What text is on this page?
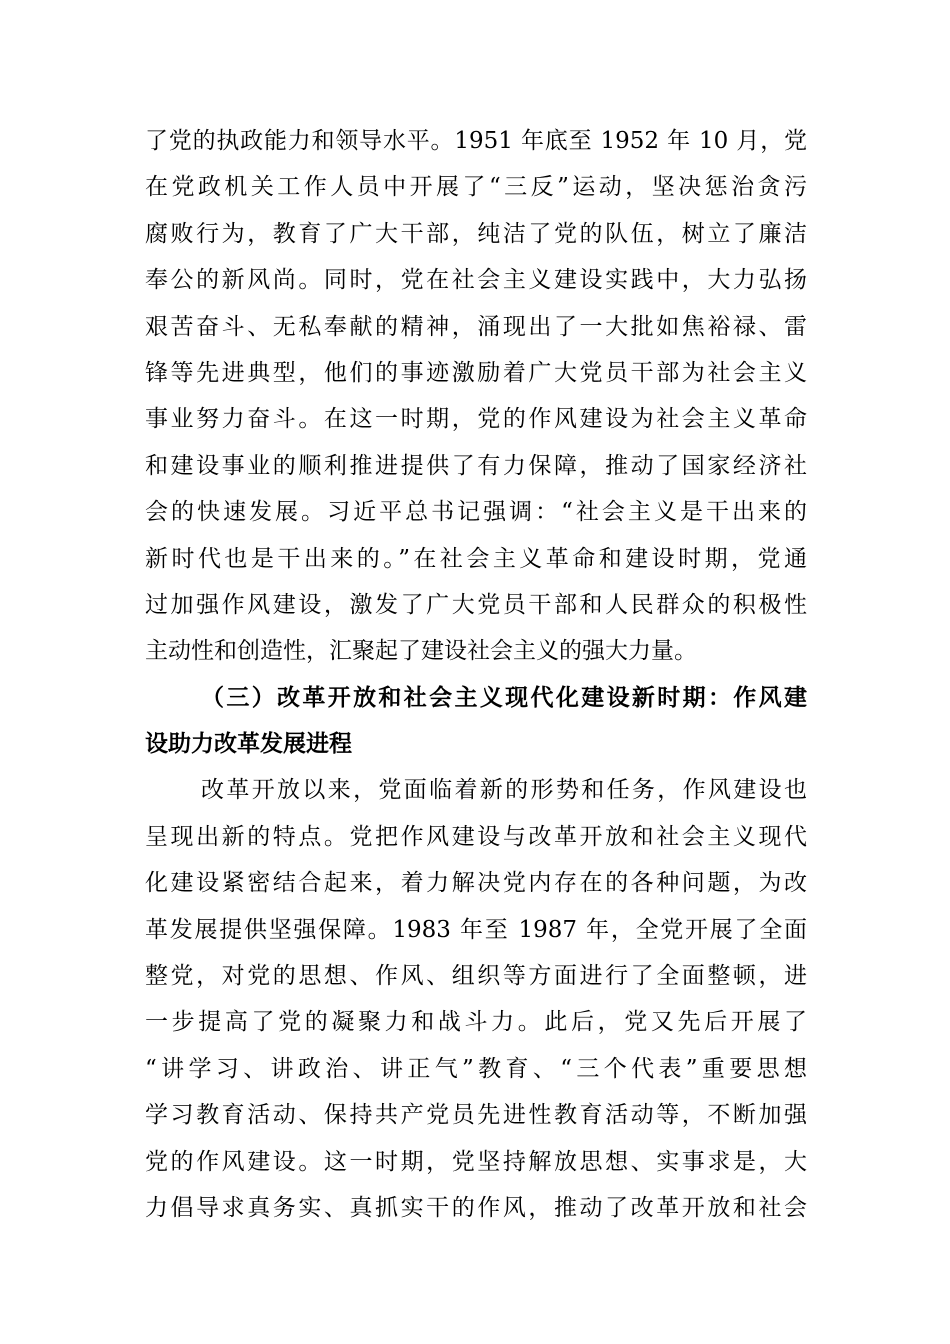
了党的执政能力和领导水平。1951 年底至 1952 年 10 月，党
在党政机关工作人员中开展了“三反”运动，坚决惩治贪污
腐败行为，教育了广大干部，纯洁了党的队伍，树立了廉洁
奉公的新风尚。同时，党在社会主义建设实践中，大力弘扬
艰苦奋斗、无私奉献的精神，涌现出了一大批如焦裕禄、雷
锋等先进典型，他们的事迹激励着广大党员干部为社会主义
事业努力奋斗。在这一时期，党的作风建设为社会主义革命
和建设事业的顺利推进提供了有力保障，推动了国家经济社
会的快速发展。习近平总书记强调：“社会主义是干出来的
新时代也是干出来的。”在社会主义革命和建设时期，党通
过加强作风建设，激发了广大党员干部和人民群众的积极性
主动性和创造性，汇聚起了建设社会主义的强大力量。
（三）改革开放和社会主义现代化建设新时期：作风建
设助力改革发展进程
改革开放以来，党面临着新的形势和任务，作风建设也
呈现出新的特点。党把作风建设与改革开放和社会主义现代
化建设紧密结合起来，着力解决党内存在的各种问题，为改
革发展提供坚强保障。1983 年至 1987 年，全党开展了全面
整党，对党的思想、作风、组织等方面进行了全面整顿，进
一步提高了党的凝聚力和战斗力。此后，党又先后开展了
“讲学习、讲政治、讲正气”教育、“三个代表”重要思想
学习教育活动、保持共产党员先进性教育活动等，不断加强
党的作风建设。这一时期，党坚持解放思想、实事求是，大
力倡导求真务实、真抓实干的作风，推动了改革开放和社会
